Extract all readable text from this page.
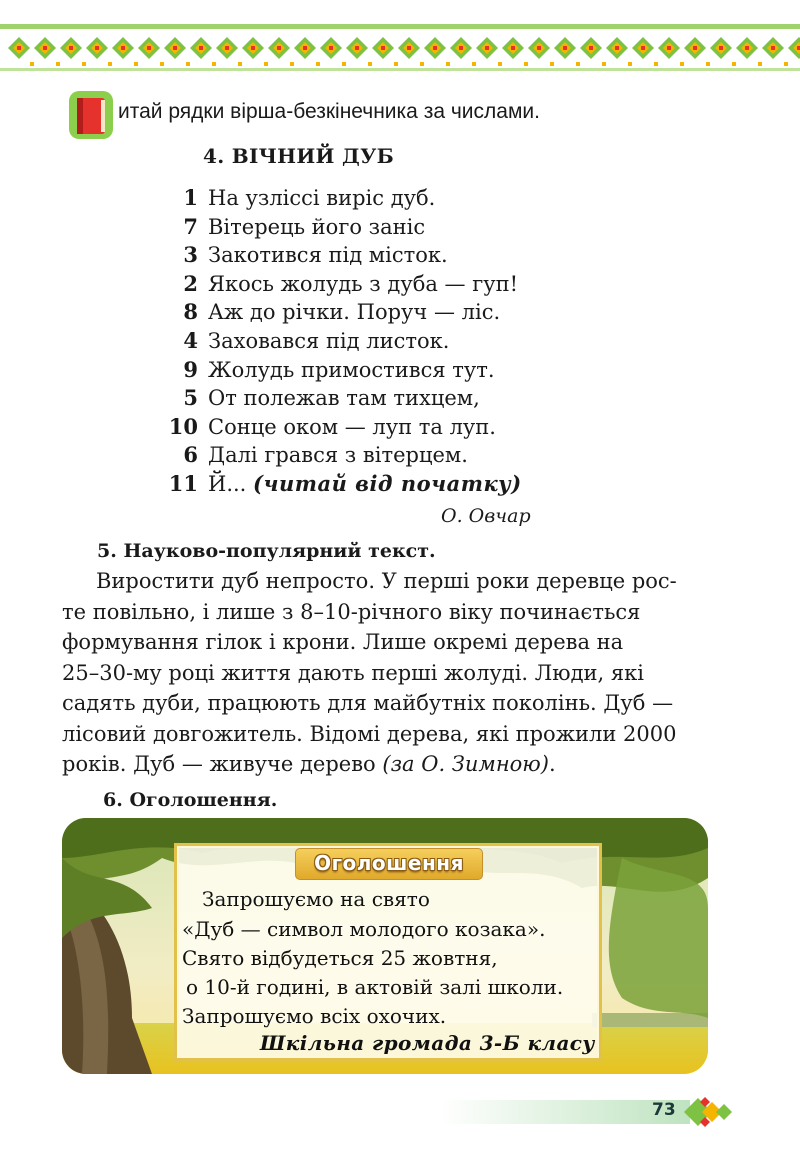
итай рядки вірша-безкінечника за числами.
4. ВІЧНИЙ ДУБ
1 На узліссі виріс дуб.
7 Вітерець його заніс
3 Закотився під місток.
2 Якось жолудь з дуба — гуп!
8 Аж до річки. Поруч — ліс.
4 Заховався під листок.
9 Жолудь примостився тут.
5 От полежав там тихцем,
10 Сонце оком — луп та луп.
6 Далі грався з вітерцем.
11 Й... (читай від початку)
О. Овчар
5. Науково-популярний текст.

Виростити дуб непросто. У перші роки деревце рос-

те повільно, і лише з 8–10-річного віку починається

формування гілок і крони. Лише окремі дерева на

25–30-му році життя дають перші жолуді. Люди, які

садять дуби, працюють для майбутніх поколінь. Дуб —

лісовий довгожитель. Відомі дерева, які прожили 2000

років. Дуб — живуче дерево (за О. Зимною).

6. Оголошення.
Оголошення
Запрошуємо на свято
«Дуб — символ молодого козака».
Свято відбудеться 25 жовтня,
о 10-й годині, в актовій залі школи.
Запрошуємо всіх охочих.
Шкільна громада 3-Б класу
73
